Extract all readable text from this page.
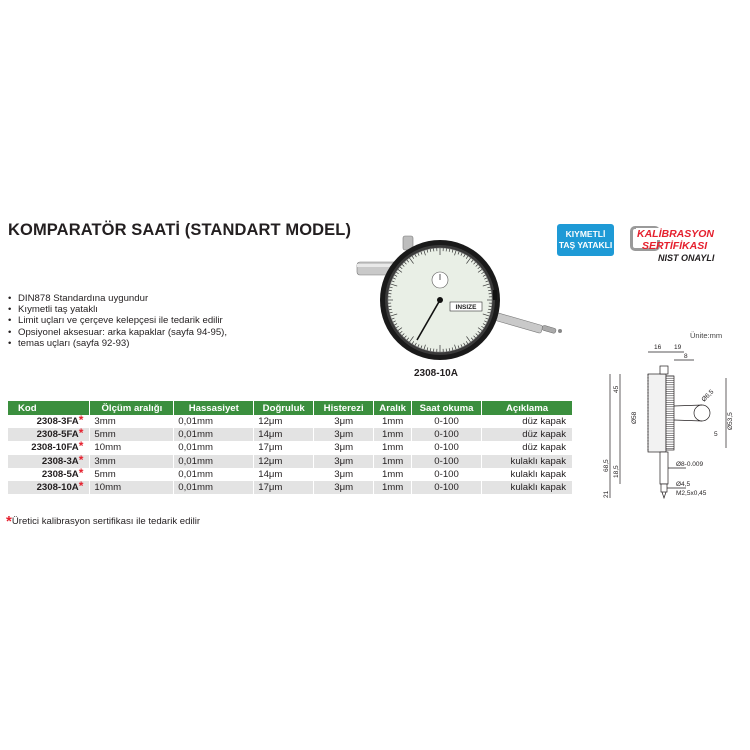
KOMPARATÖR SAATİ (STANDART MODEL)	KIYMETLİ
TAŞ YATAKLI
KALİBRASYON
SERTİFİKASI
NIST ONAYLI
• DIN878 Standardına uygundur
• Kıymetli taş yataklı
• Limit uçları ve çerçeve kelepçesi ile tedarik edilir
• Opsiyonel aksesuar: arka kapaklar (sayfa 94-95),
• temas uçları (sayfa 92-93)
INSIZE
2308-10A
Ünite:mm
Kod	Ölçüm aralığı	Hassasiyet	Doğruluk	Histerezi	Aralık	Saat okuma	Açıklama
2308-3FA*	3mm	0,01mm	12μm	3μm	1mm	0-100	düz kapak
2308-5FA*	5mm	0,01mm	14μm	3μm	1mm	0-100	düz kapak
2308-10FA*	10mm	0,01mm	17μm	3μm	1mm	0-100	düz kapak
2308-3A*	3mm	0,01mm	12μm	3μm	1mm	0-100	kulaklı kapak
2308-5A*	5mm	0,01mm	14μm	3μm	1mm	0-100	kulaklı kapak
2308-10A*	10mm	0,01mm	17μm	3μm	1mm	0-100	kulaklı kapak
*Üretici kalibrasyon sertifikası ile tedarik edilir
16 19
8
45
Ø58
Ø6,5
Ø53,5
Ø8-0.009
68,5 18,5
Ø4,5
21	M2,5x0,45
5
